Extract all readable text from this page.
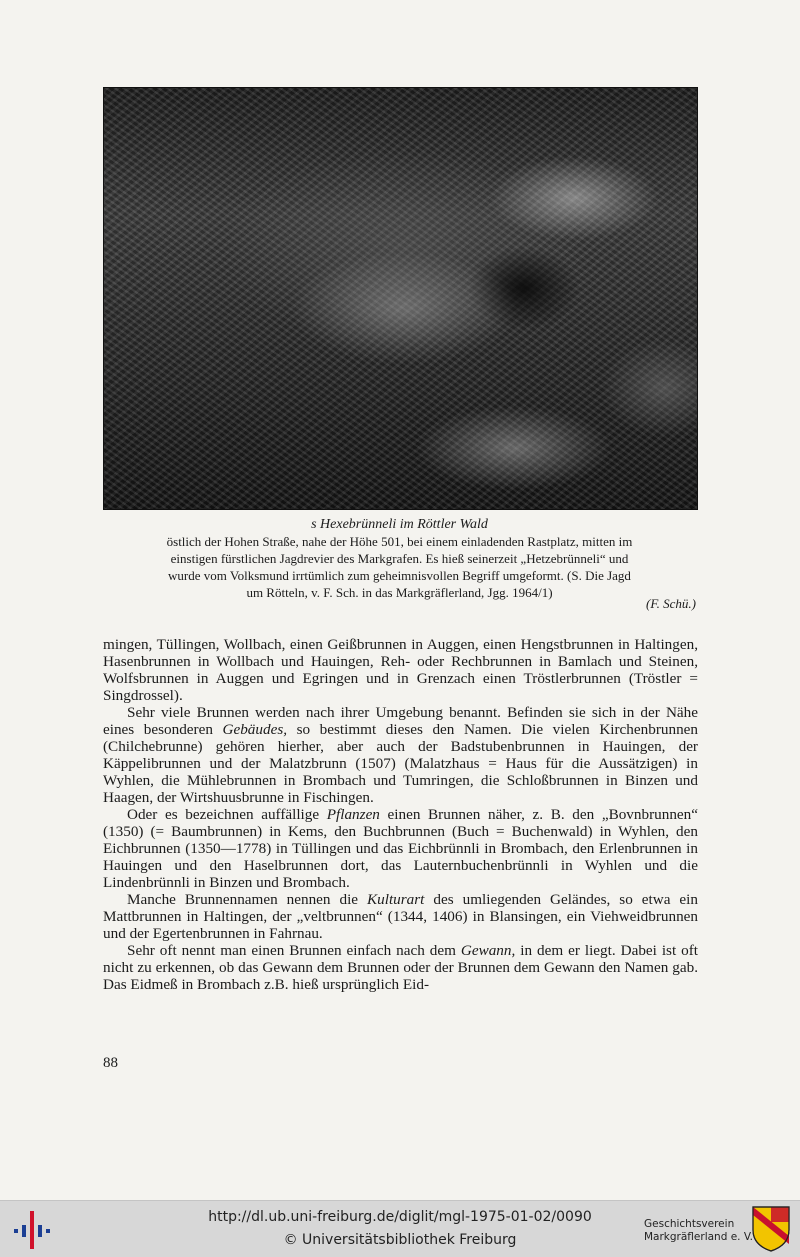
s Hexebrünneli im Röttler Wald
östlich der Hohen Straße, nahe der Höhe 501, bei einem einladenden Rastplatz, mitten im
einstigen fürstlichen Jagdrevier des Markgrafen. Es hieß seinerzeit „Hetzebrünneli“ und
wurde vom Volksmund irrtümlich zum geheimnisvollen Begriff umgeformt. (S. Die Jagd
um Rötteln, v. F. Sch. in das Markgräflerland, Jgg. 1964/1)
(F. Schü.)

mingen, Tüllingen, Wollbach, einen Geißbrunnen in Auggen, einen Hengstbrunnen in Haltingen, Hasenbrunnen in Wollbach und Hauingen, Reh- oder Rechbrunnen in Bamlach und Steinen, Wolfsbrunnen in Auggen und Egringen und in Grenzach einen Tröstlerbrunnen (Tröstler = Singdrossel).

Sehr viele Brunnen werden nach ihrer Umgebung benannt. Befinden sie sich in der Nähe eines besonderen Gebäudes, so bestimmt dieses den Namen. Die vielen Kirchenbrunnen (Chilchebrunne) gehören hierher, aber auch der Badstubenbrunnen in Hauingen, der Käppelibrunnen und der Malatzbrunn (1507) (Malatzhaus = Haus für die Aussätzigen) in Wyhlen, die Mühlebrunnen in Brombach und Tumringen, die Schloßbrunnen in Binzen und Haagen, der Wirtshuusbrunne in Fischingen.

Oder es bezeichnen auffällige Pflanzen einen Brunnen näher, z. B. den „Bovnbrunnen“ (1350) (= Baumbrunnen) in Kems, den Buchbrunnen (Buch = Buchenwald) in Wyhlen, den Eichbrunnen (1350—1778) in Tüllingen und das Eichbrünnli in Brombach, den Erlenbrunnen in Hauingen und den Haselbrunnen dort, das Lauternbuchenbrünnli in Wyhlen und die Lindenbrünnli in Binzen und Brombach.

Manche Brunnennamen nennen die Kulturart des umliegenden Geländes, so etwa ein Mattbrunnen in Haltingen, der „veltbrunnen“ (1344, 1406) in Blansingen, ein Viehweidbrunnen und der Egertenbrunnen in Fahrnau.

Sehr oft nennt man einen Brunnen einfach nach dem Gewann, in dem er liegt. Dabei ist oft nicht zu erkennen, ob das Gewann dem Brunnen oder der Brunnen dem Gewann den Namen gab. Das Eidmeß in Brombach z.B. hieß ursprünglich Eid-

88
http://dl.ub.uni-freiburg.de/diglit/mgl-1975-01-02/0090
© Universitätsbibliothek Freiburg
Geschichtsverein
Markgräflerland e. V.
